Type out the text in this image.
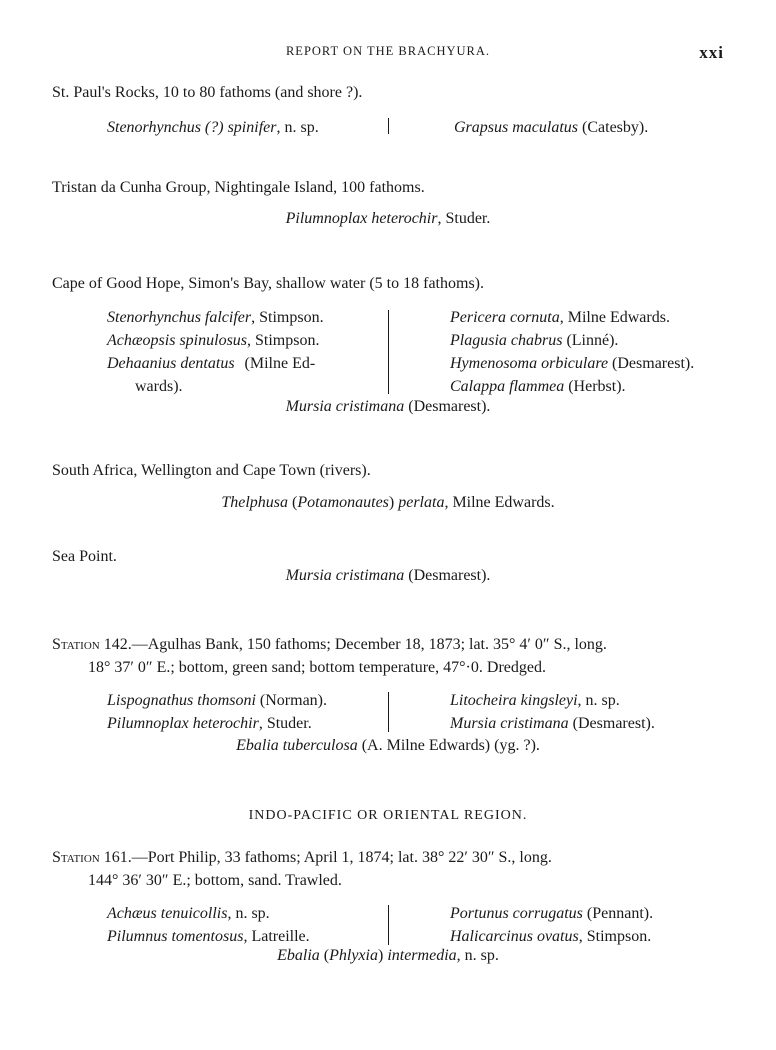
REPORT ON THE BRACHYURA.	xxi
St. Paul's Rocks, 10 to 80 fathoms (and shore ?).
Stenorhynchus (?) spinifer, n. sp.	Grapsus maculatus (Catesby).
Tristan da Cunha Group, Nightingale Island, 100 fathoms.
Pilumnoplax heterochir, Studer.
Cape of Good Hope, Simon's Bay, shallow water (5 to 18 fathoms).
Stenorhynchus falcifer, Stimpson.
Achæopsis spinulosus, Stimpson.
Dehaanius dentatus (Milne Ed-
wards).
Pericera cornuta, Milne Edwards.
Plagusia chabrus (Linné).
Hymenosoma orbiculare (Desmarest).
Calappa flammea (Herbst).
Mursia cristimana (Desmarest).
South Africa, Wellington and Cape Town (rivers).
Thelphusa (Potamonautes) perlata, Milne Edwards.
Sea Point.
Mursia cristimana (Desmarest).
Station 142.—Agulhas Bank, 150 fathoms; December 18, 1873; lat. 35° 4′ 0″ S., long.
18° 37′ 0″ E.; bottom, green sand; bottom temperature, 47°·0. Dredged.
Lispognathus thomsoni (Norman).
Pilumnoplax heterochir, Studer.
Litocheira kingsleyi, n. sp.
Mursia cristimana (Desmarest).
Ebalia tuberculosa (A. Milne Edwards) (yg. ?).
INDO-PACIFIC OR ORIENTAL REGION.
Station 161.—Port Philip, 33 fathoms; April 1, 1874; lat. 38° 22′ 30″ S., long.
144° 36′ 30″ E.; bottom, sand. Trawled.
Achæus tenuicollis, n. sp.
Pilumnus tomentosus, Latreille.
Portunus corrugatus (Pennant).
Halicarcinus ovatus, Stimpson.
Ebalia (Phlyxia) intermedia, n. sp.
